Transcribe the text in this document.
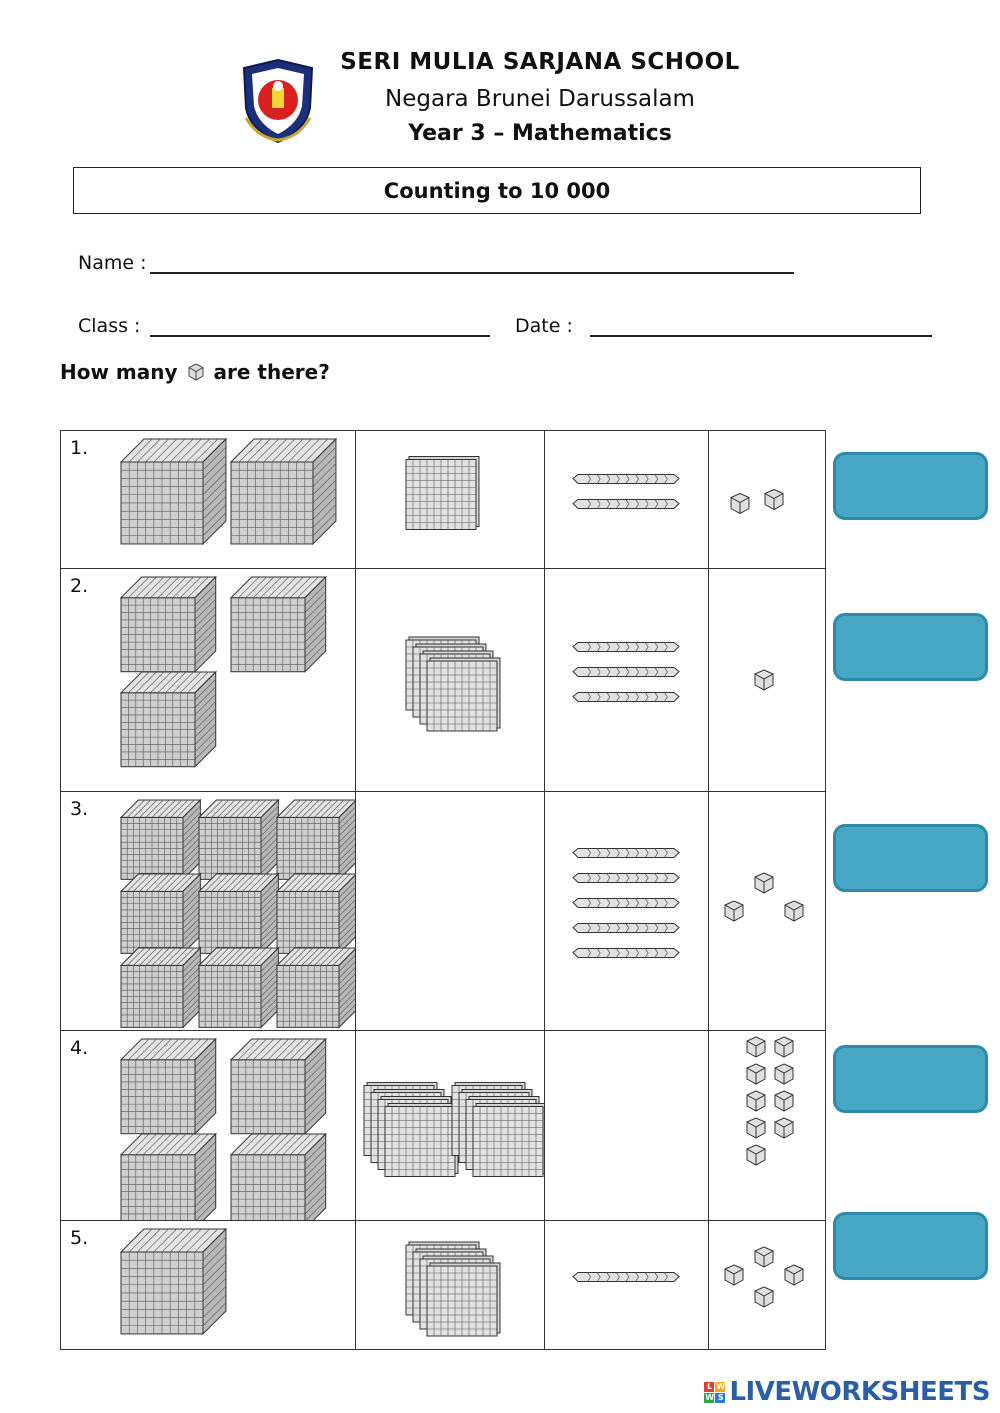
SERI MULIA SARJANA SCHOOL
Negara Brunei Darussalam
Year 3 – Mathematics
Counting to 10 000
Name :
Class :	Date :
How many are there?
1.

2.

3.

4.

5.

L W
W S LIVEWORKSHEETS
